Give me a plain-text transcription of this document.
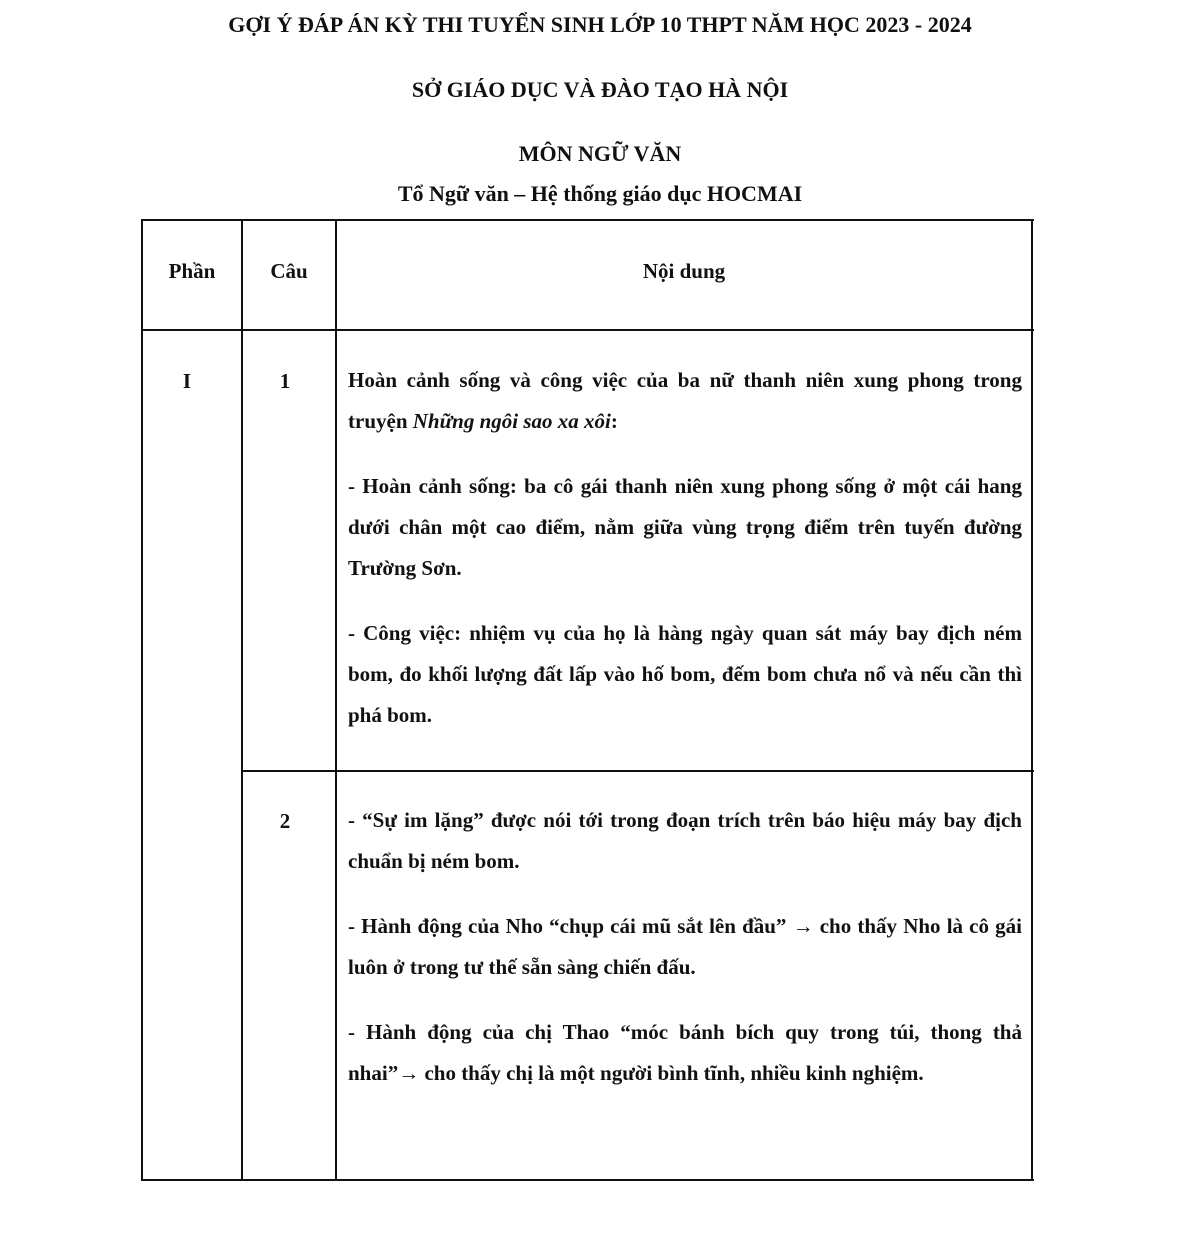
GỢI Ý ĐÁP ÁN KỲ THI TUYỂN SINH LỚP 10 THPT NĂM HỌC 2023 - 2024
SỞ GIÁO DỤC VÀ ĐÀO TẠO HÀ NỘI
MÔN NGỮ VĂN
Tổ Ngữ văn – Hệ thống giáo dục HOCMAI
Phần	Câu	Nội dung
I	1	Hoàn cảnh sống và công việc của ba nữ thanh niên xung phong trong truyện Những ngôi sao xa xôi:

- Hoàn cảnh sống: ba cô gái thanh niên xung phong sống ở một cái hang dưới chân một cao điểm, nằm giữa vùng trọng điểm trên tuyến đường Trường Sơn.

- Công việc: nhiệm vụ của họ là hàng ngày quan sát máy bay địch ném bom, đo khối lượng đất lấp vào hố bom, đếm bom chưa nổ và nếu cần thì phá bom.

2	- “Sự im lặng” được nói tới trong đoạn trích trên báo hiệu máy bay địch chuẩn bị ném bom.

- Hành động của Nho “chụp cái mũ sắt lên đầu” → cho thấy Nho là cô gái luôn ở trong tư thế sẵn sàng chiến đấu.

- Hành động của chị Thao “móc bánh bích quy trong túi, thong thả nhai”→ cho thấy chị là một người bình tĩnh, nhiều kinh nghiệm.
